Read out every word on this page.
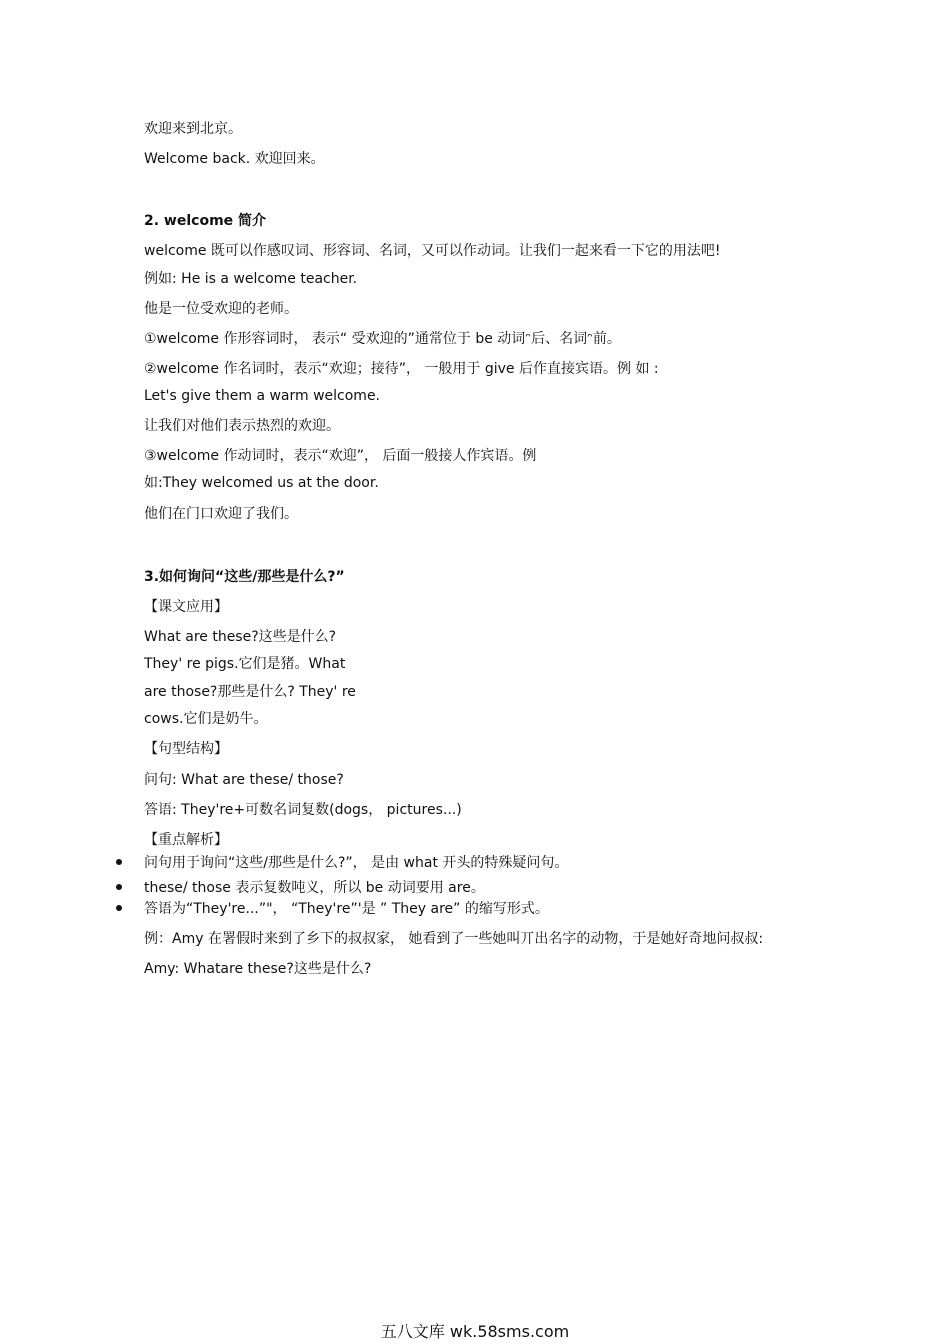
欢迎来到北京。
Welcome back. 欢迎回来。
2. welcome 简介
welcome 既可以作感叹词、形容词、名词，又可以作动词。让我们一起来看一下它的用法吧!
例如: He is a welcome teacher.
他是一位受欢迎的老师。
①welcome 作形容词时， 表示“ 受欢迎的”通常位于 be 动词ᵔ后、名词ᵔ前。
②welcome 作名词时，表示“欢迎；接待”， 一般用于 give 后作直接宾语。例 如 :
Let's give them a warm welcome.
让我们对他们表示热烈的欢迎。
③welcome 作动词时，表示“欢迎”， 后面一般接人作宾语。例
如:They welcomed us at the door.
他们在门口欢迎了我们。
3.如何询问“这些/那些是什么?”
【课文应用】
What are these?这些是什么?
They' re pigs.它们是猪。What
are those?那些是什么? They' re
cows.它们是奶牛。
【句型结构】
问句: What are these/ those?
答语: They're+可数名词复数(dogs， pictures...)
【重点解析】
问句用于询问“这些/那些是什么?”， 是由 what 开头的特殊疑问句。
these/ those 表示复数吨义，所以 be 动词要用 are。
答语为“They're...”"， “They're”'是 ” They are” 的缩写形式。
例：Amy 在署假时来到了乡下的叔叔家， 她看到了一些她叫丌出名字的动物，于是她好奇地问叔叔:
Amy: Whatare these?这些是什么?
五八文库 wk.58sms.com
